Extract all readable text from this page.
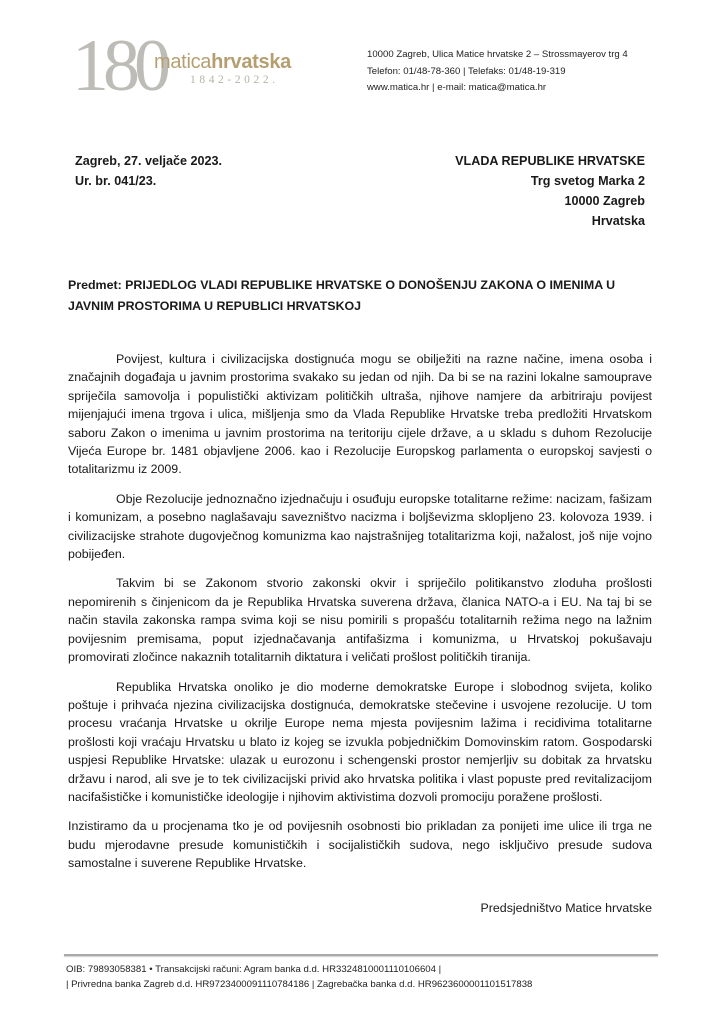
180
maticahrvatska
1842-2022.
10000 Zagreb, Ulica Matice hrvatske 2 – Strossmayerov trg 4
Telefon: 01/48-78-360 | Telefaks: 01/48-19-319
www.matica.hr | e-mail: matica@matica.hr
Zagreb, 27. veljače 2023.
Ur. br. 041/23.
VLADA REPUBLIKE HRVATSKE
Trg svetog Marka 2
10000 Zagreb
Hrvatska
Predmet: PRIJEDLOG VLADI REPUBLIKE HRVATSKE O DONOŠENJU ZAKONA O IMENIMA U JAVNIM PROSTORIMA U REPUBLICI HRVATSKOJ

Povijest, kultura i civilizacijska dostignuća mogu se obilježiti na razne načine, imena osoba i značajnih događaja u javnim prostorima svakako su jedan od njih. Da bi se na razini lokalne samouprave spriječila samovolja i populistički aktivizam političkih ultraša, njihove namjere da arbitriraju povijest mijenjajući imena trgova i ulica, mišljenja smo da Vlada Republike Hrvatske treba predložiti Hrvatskom saboru Zakon o imenima u javnim prostorima na teritoriju cijele države, a u skladu s duhom Rezolucije Vijeća Europe br. 1481 objavljene 2006. kao i Rezolucije Europskog parlamenta o europskoj savjesti o totalitarizmu iz 2009.

Obje Rezolucije jednoznačno izjednačuju i osuđuju europske totalitarne režime: nacizam, fašizam i komunizam, a posebno naglašavaju savezništvo nacizma i boljševizma sklopljeno 23. kolovoza 1939. i civilizacijske strahote dugovječnog komunizma kao najstrašnijeg totalitarizma koji, nažalost, još nije vojno pobijeđen.

Takvim bi se Zakonom stvorio zakonski okvir i spriječilo politikanstvo zloduha prošlosti nepomirenih s činjenicom da je Republika Hrvatska suverena država, članica NATO-a i EU. Na taj bi se način stavila zakonska rampa svima koji se nisu pomirili s propašću totalitarnih režima nego na lažnim povijesnim premisama, poput izjednačavanja antifašizma i komunizma, u Hrvatskoj pokušavaju promovirati zločince nakaznih totalitarnih diktatura i veličati prošlost političkih tiranija.

Republika Hrvatska onoliko je dio moderne demokratske Europe i slobodnog svijeta, koliko poštuje i prihvaća njezina civilizacijska dostignuća, demokratske stečevine i usvojene rezolucije. U tom procesu vraćanja Hrvatske u okrilje Europe nema mjesta povijesnim lažima i recidivima totalitarne prošlosti koji vraćaju Hrvatsku u blato iz kojeg se izvukla pobjedničkim Domovinskim ratom. Gospodarski uspjesi Republike Hrvatske: ulazak u eurozonu i schengenski prostor nemjerljiv su dobitak za hrvatsku državu i narod, ali sve je to tek civilizacijski privid ako hrvatska politika i vlast popuste pred revitalizacijom nacifašističke i komunističke ideologije i njihovim aktivistima dozvoli promociju poražene prošlosti.

Inzistiramo da u procjenama tko je od povijesnih osobnosti bio prikladan za ponijeti ime ulice ili trga ne budu mjerodavne presude komunističkih i socijalističkih sudova, nego isključivo presude sudova samostalne i suverene Republike Hrvatske.

Predsjedništvo Matice hrvatske
OIB: 79893058381 • Transakcijski računi: Agram banka d.d. HR3324810001110106604 |
| Privredna banka Zagreb d.d. HR9723400091110784186 | Zagrebačka banka d.d. HR9623600001101517838
